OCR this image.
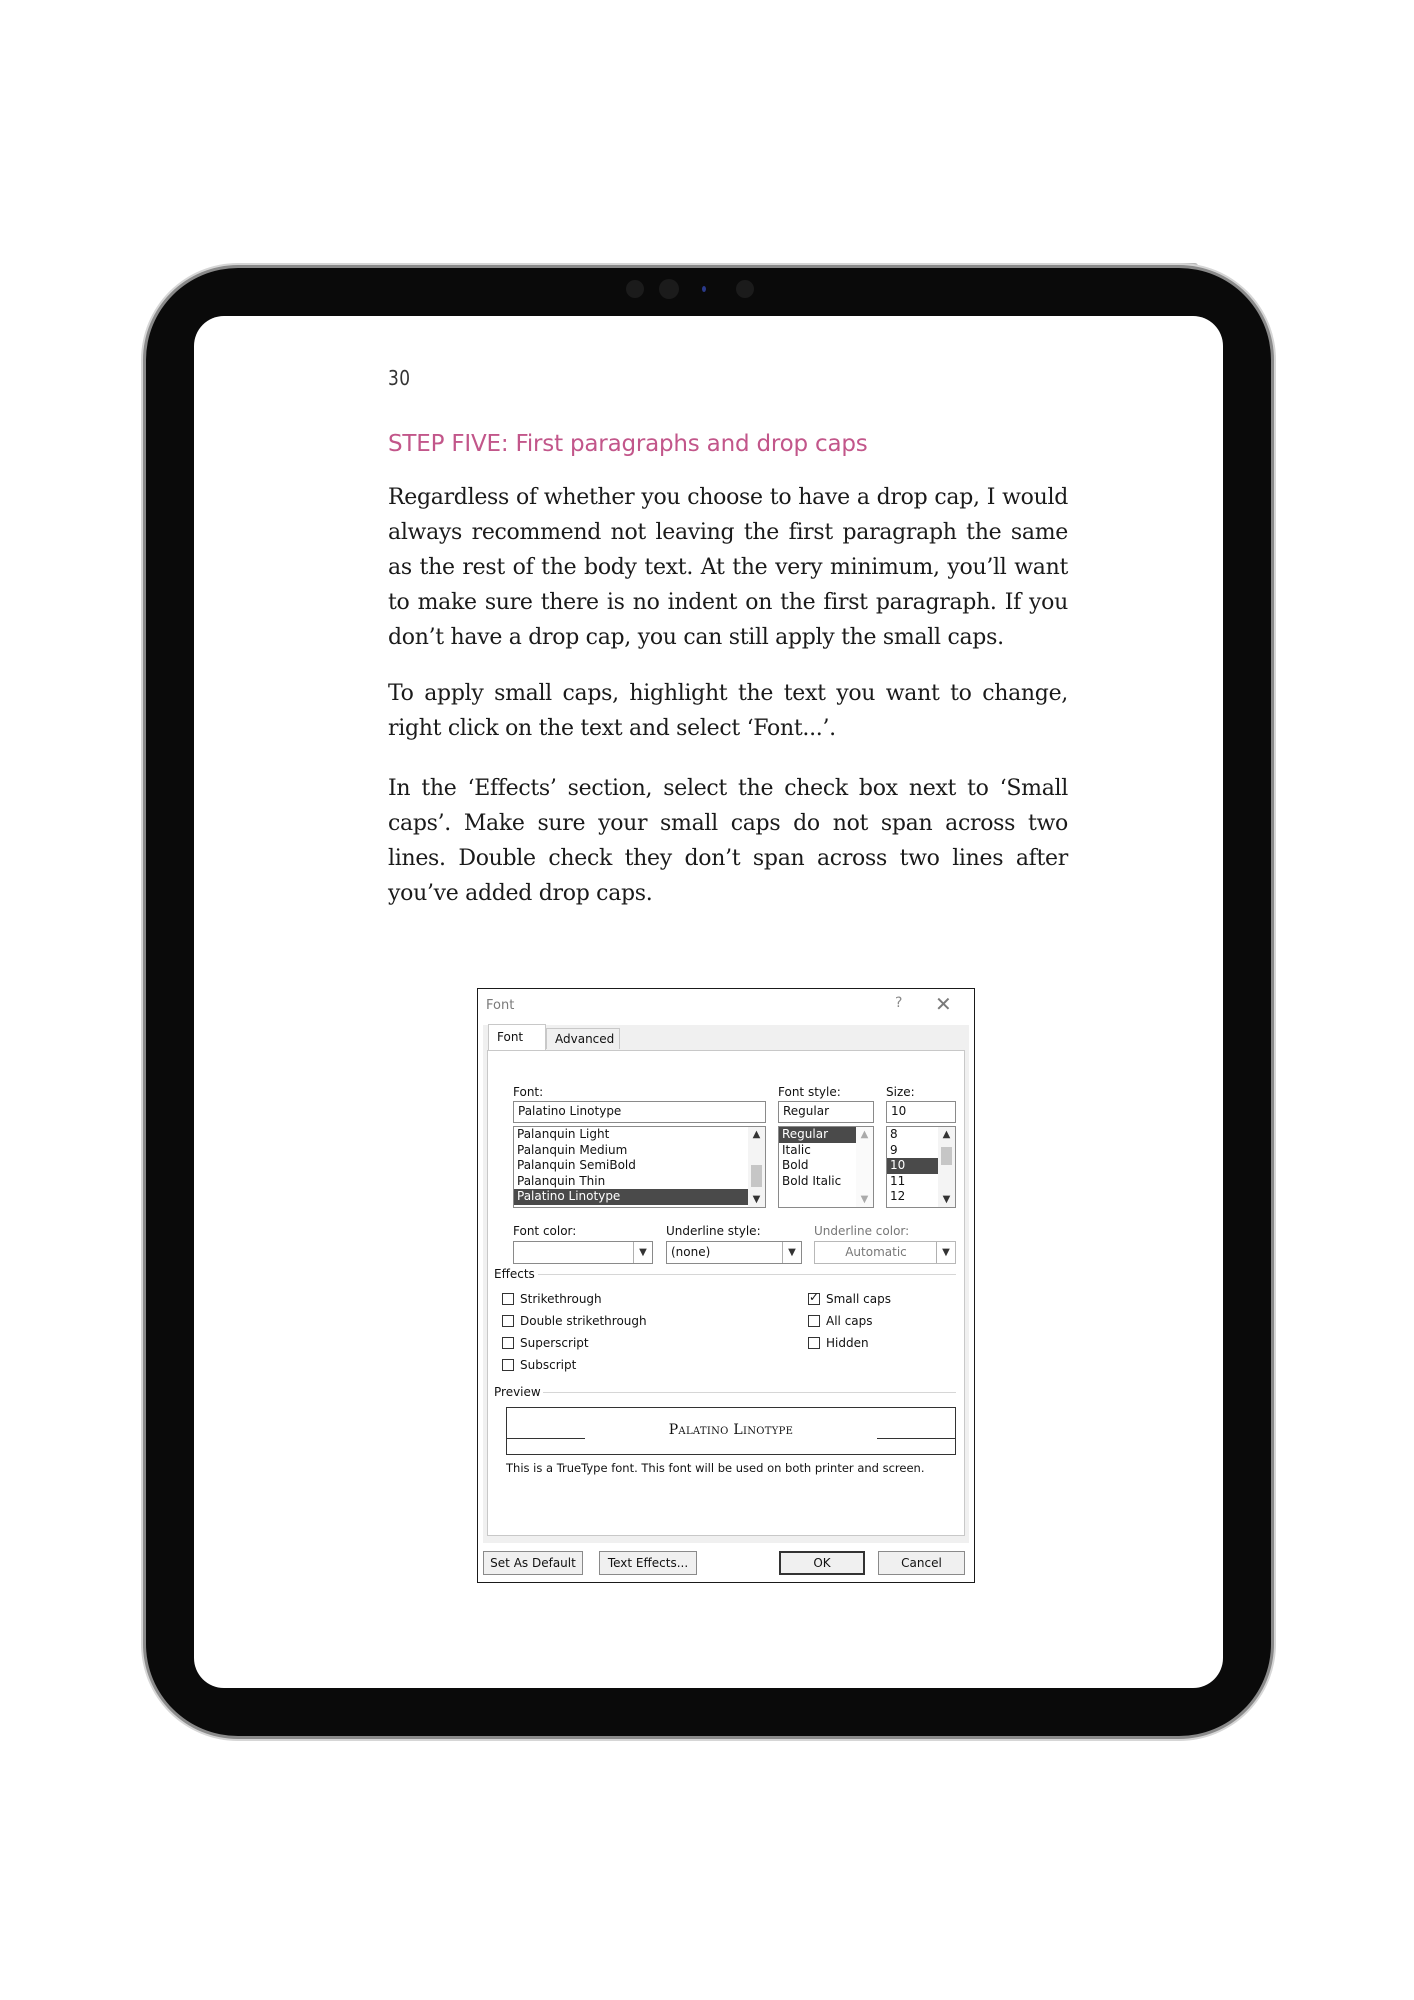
30
STEP FIVE: First paragraphs and drop caps

Regardless of whether you choose to have a drop cap, I would always recommend not leaving the first paragraph the same as the rest of the body text. At the very minimum, you’ll want to make sure there is no indent on the first paragraph. If you don’t have a drop cap, you can still apply the small caps.

To apply small caps, highlight the text you want to change, right click on the text and select ‘Font...’.

In the ‘Effects’ section, select the check box next to ‘Small caps’. Make sure your small caps do not span across two lines. Double check they don’t span across two lines after you’ve added drop caps.

Font	? ✕
Font	Advanced
Font:
Palatino Linotype
Palanquin Light
Palanquin Medium
Palanquin SemiBold
Palanquin Thin
Palatino Linotype
▲
▼
Font style:
Regular
Regular
Italic
Bold
Bold Italic
▲
▼
Size:
10
8
9
10
11
12
▲
▼
Font color:
▼
Underline style:
(none)	▼
Underline color:
Automatic	▼
Effects
Strikethrough
Double strikethrough
Superscript
Subscript
✓ Small caps
All caps
Hidden
Preview
Palatino Linotype
This is a TrueType font. This font will be used on both printer and screen.
Set As Default	Text Effects...	OK	Cancel
